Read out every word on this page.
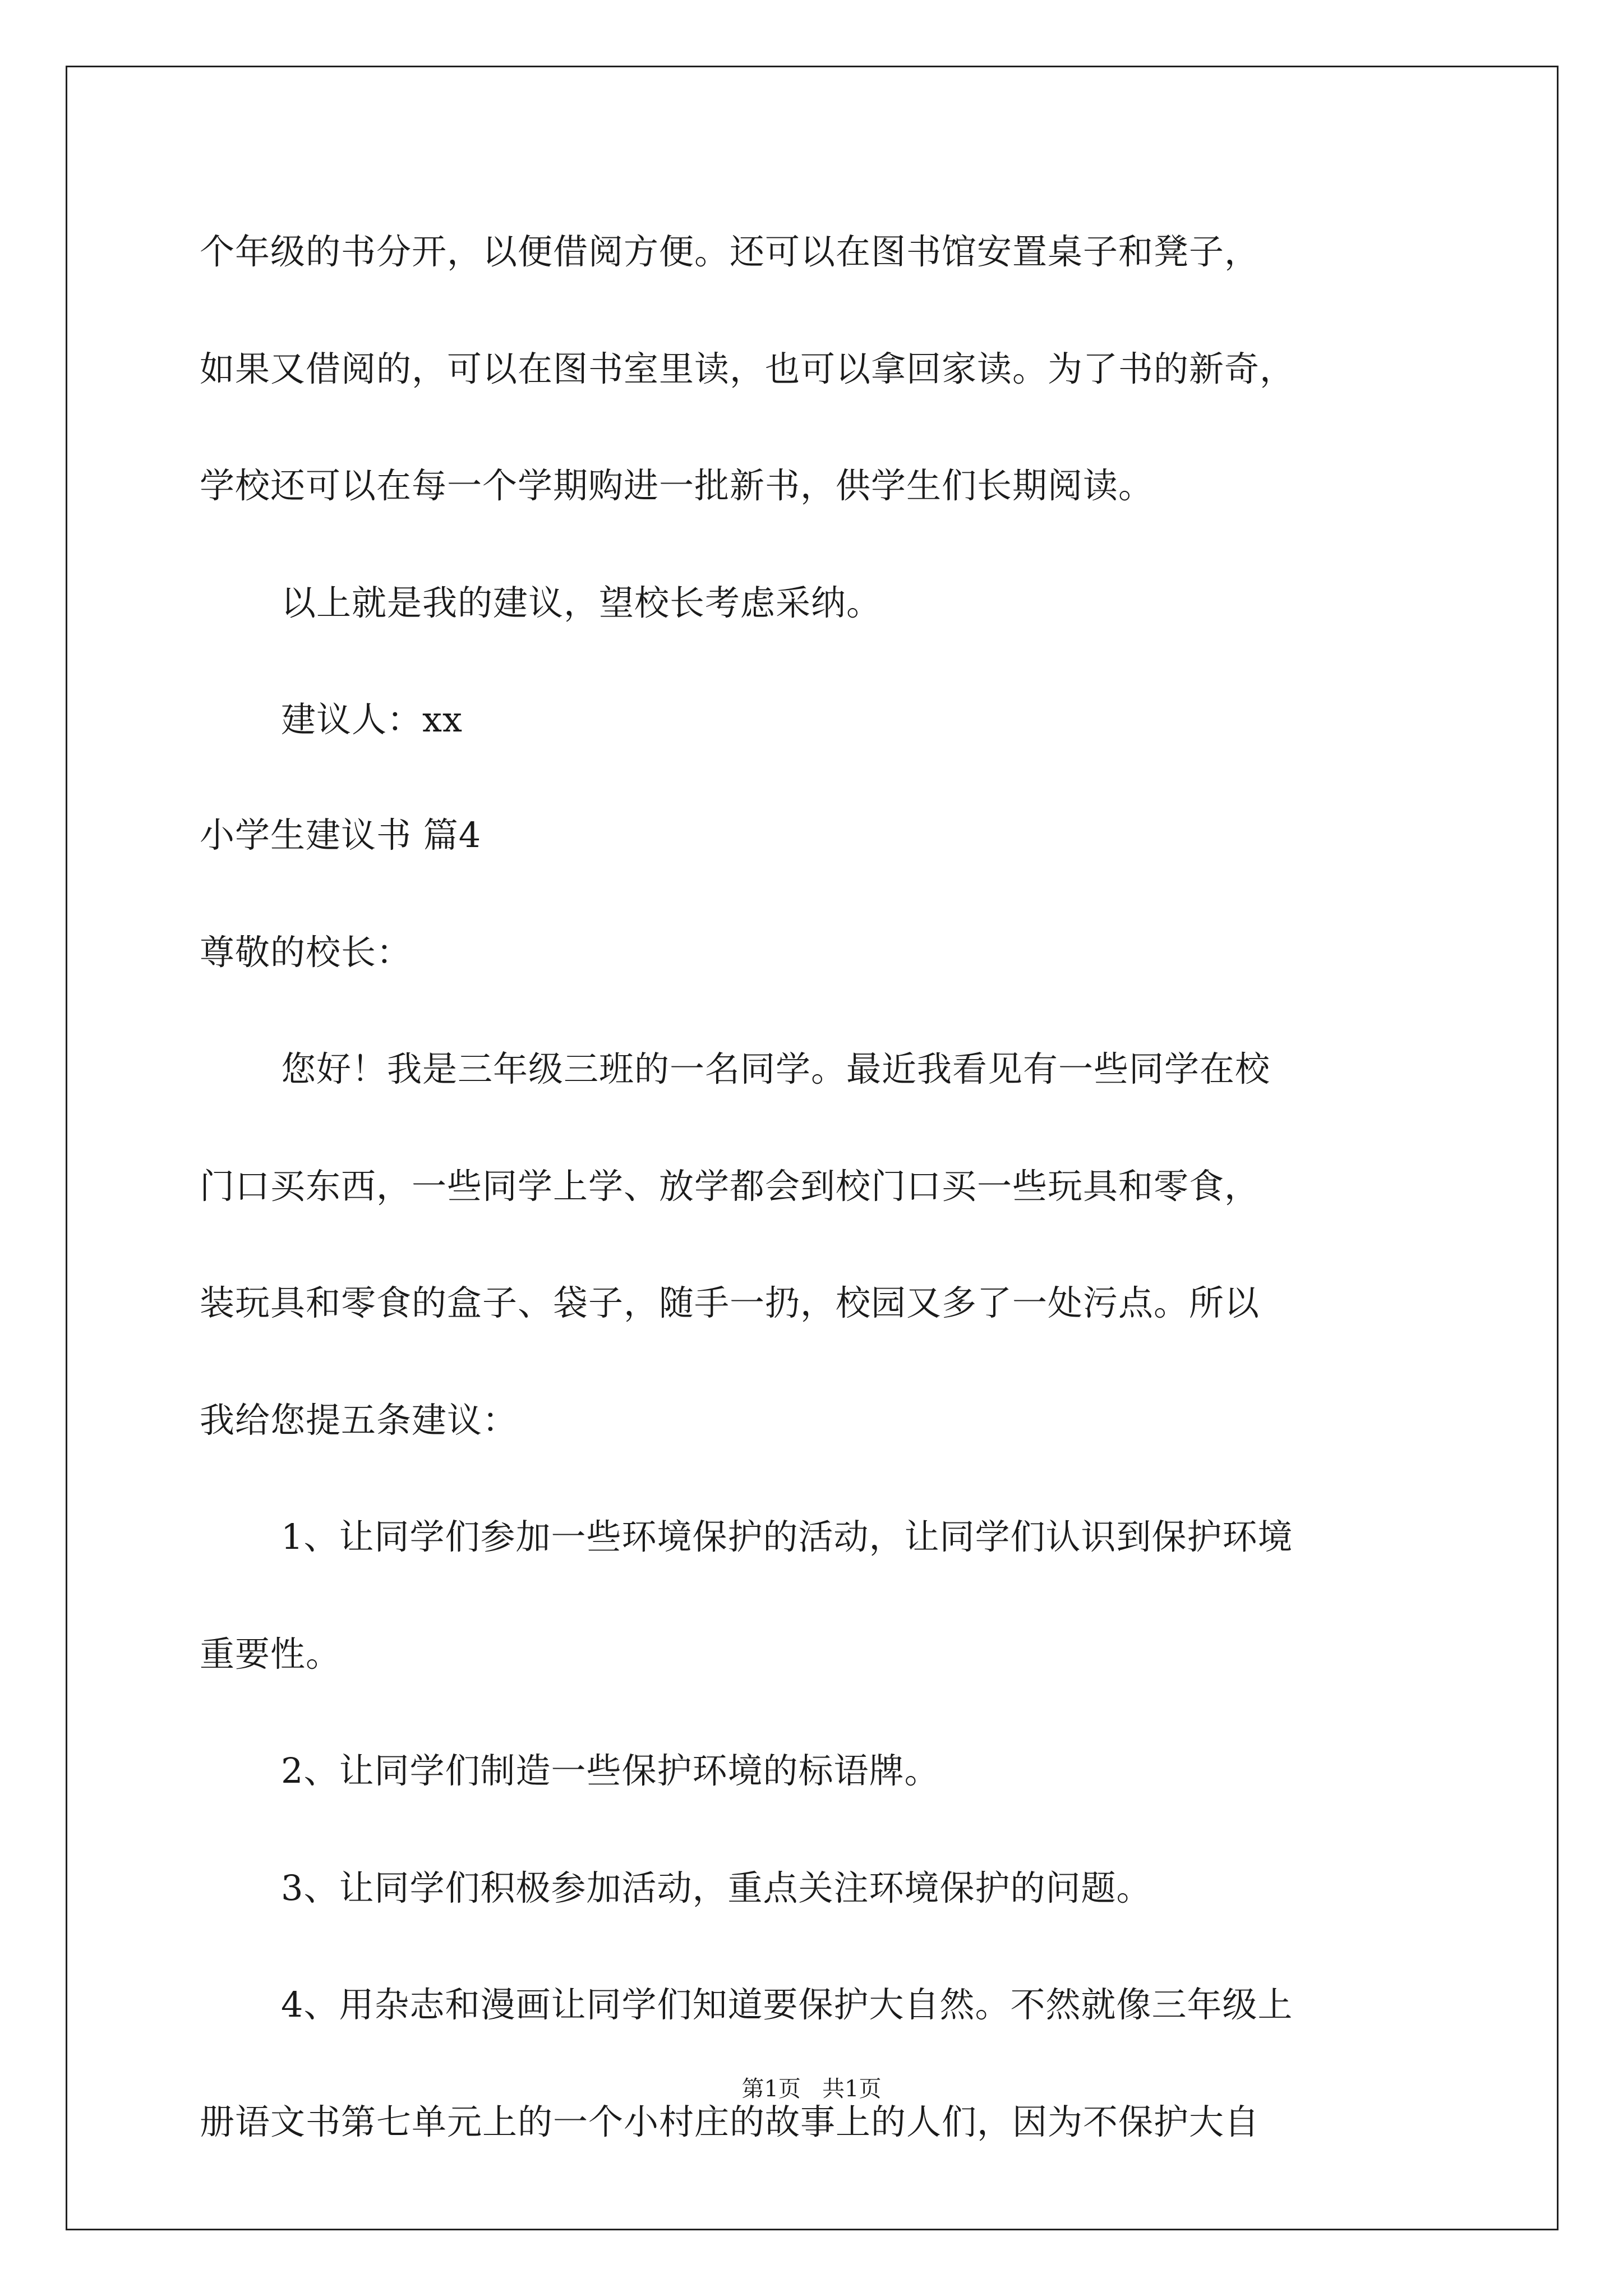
个年级的书分开，以便借阅方便。还可以在图书馆安置桌子和凳子，
如果又借阅的，可以在图书室里读，也可以拿回家读。为了书的新奇，
学校还可以在每一个学期购进一批新书，供学生们长期阅读。
以上就是我的建议，望校长考虑采纳。
建议人：xx
小学生建议书 篇4
尊敬的校长：
您好！我是三年级三班的一名同学。最近我看见有一些同学在校
门口买东西，一些同学上学、放学都会到校门口买一些玩具和零食，
装玩具和零食的盒子、袋子，随手一扔，校园又多了一处污点。所以
我给您提五条建议：
1、让同学们参加一些环境保护的活动，让同学们认识到保护环境
重要性。
2、让同学们制造一些保护环境的标语牌。
3、让同学们积极参加活动，重点关注环境保护的问题。
4、用杂志和漫画让同学们知道要保护大自然。不然就像三年级上
册语文书第七单元上的一个小村庄的故事上的人们，因为不保护大自
第1页   共1页
